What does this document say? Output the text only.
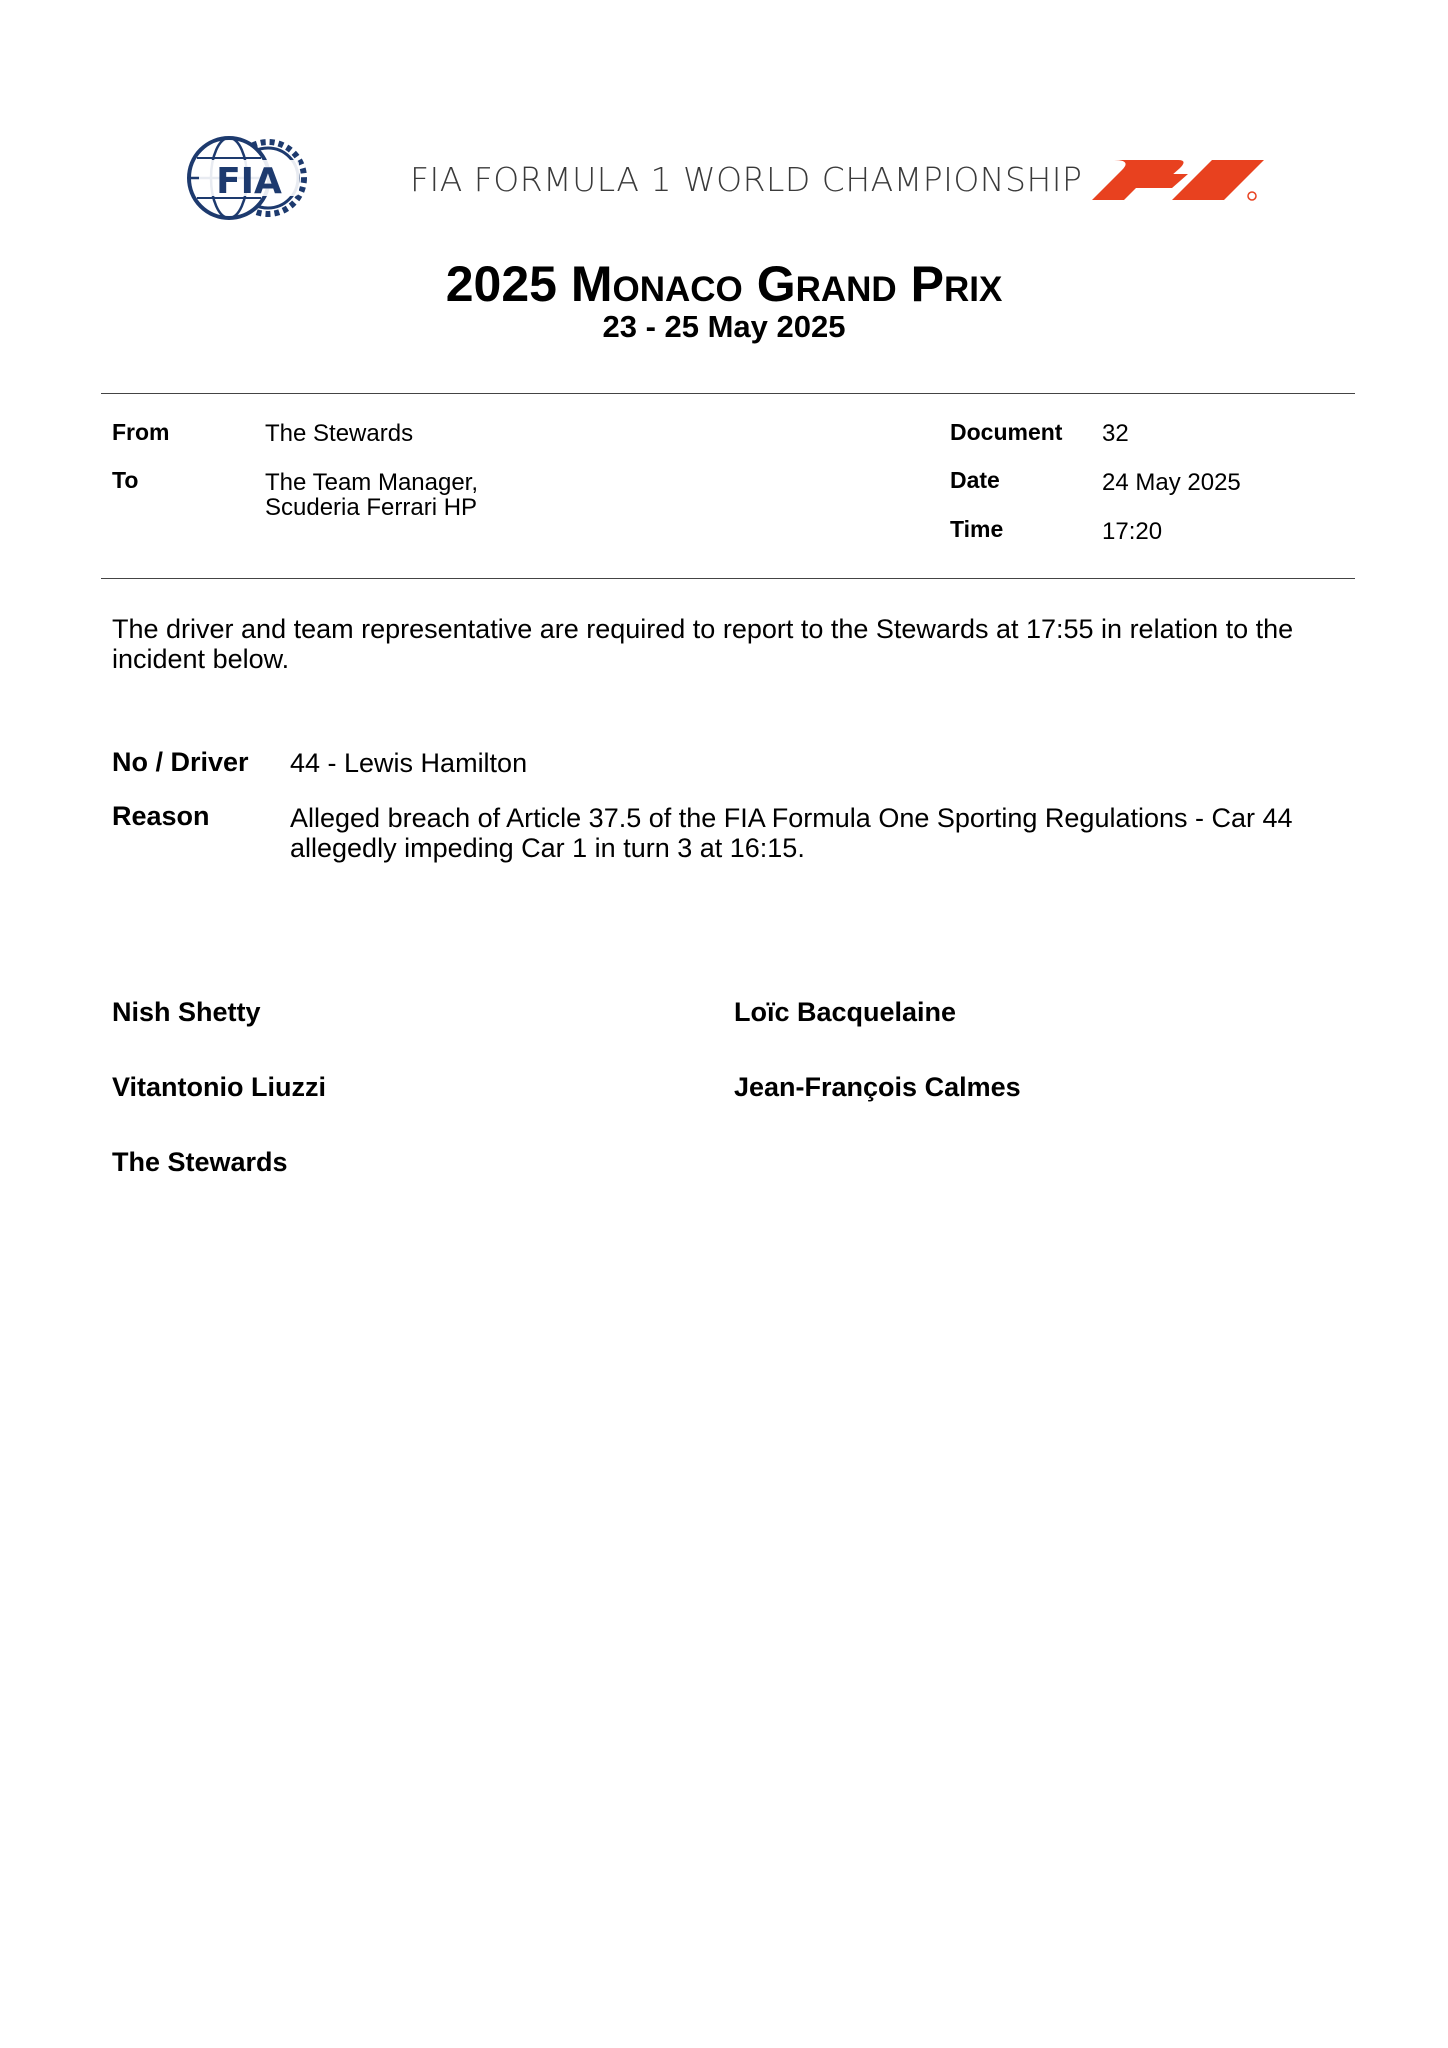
FIA	FIA FORMULA 1 WORLD CHAMPIONSHIP
2025 Monaco Grand Prix
23 - 25 May 2025
From	The Stewards
To	The Team Manager,
Scuderia Ferrari HP
Document 32
Date	24 May 2025
Time	17:20
The driver and team representative are required to report to the Stewards at 17:55 in relation to the incident below.
No / Driver 44 - Lewis Hamilton
Reason	Alleged breach of Article 37.5 of the FIA Formula One Sporting Regulations - Car 44 allegedly impeding Car 1 in turn 3 at 16:15.
Nish Shetty	Loïc Bacquelaine
Vitantonio Liuzzi	Jean-François Calmes
The Stewards
